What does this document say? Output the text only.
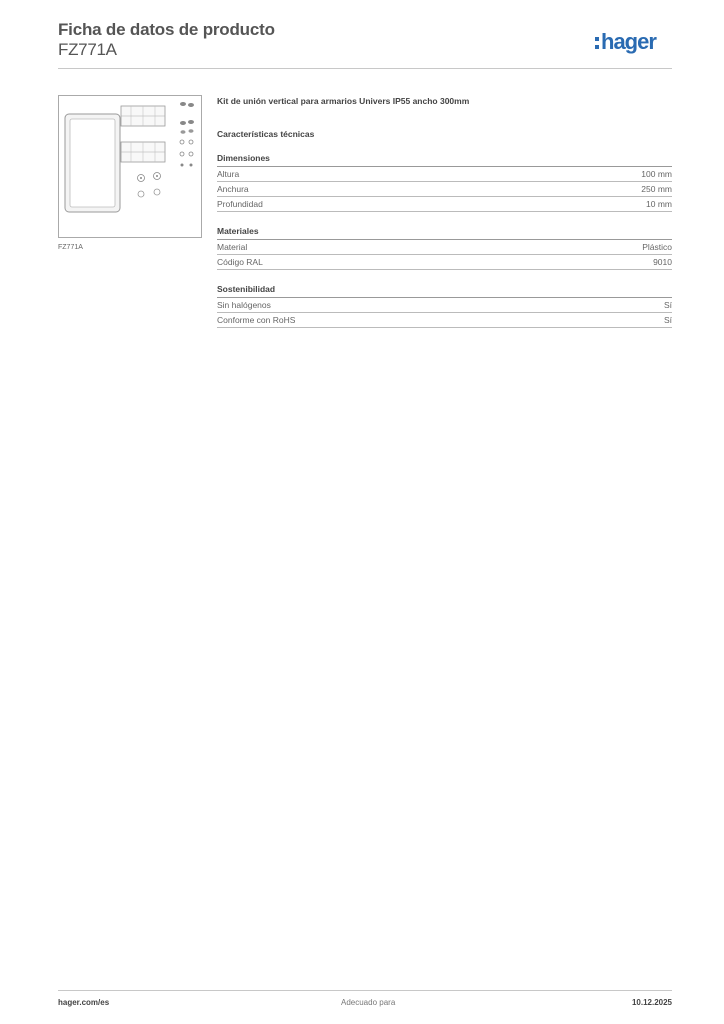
Ficha de datos de producto
FZ771A	hager
FZ771A

Kit de unión vertical para armarios Univers IP55 ancho 300mm

Características técnicas

Dimensiones
Altura	100 mm
Anchura	250 mm
Profundidad	10 mm
Materiales
Material	Plástico
Código RAL	9010
Sostenibilidad
Sin halógenos	Sí
Conforme con RoHS	Sí
hager.com/es	Adecuado para	10.12.2025
